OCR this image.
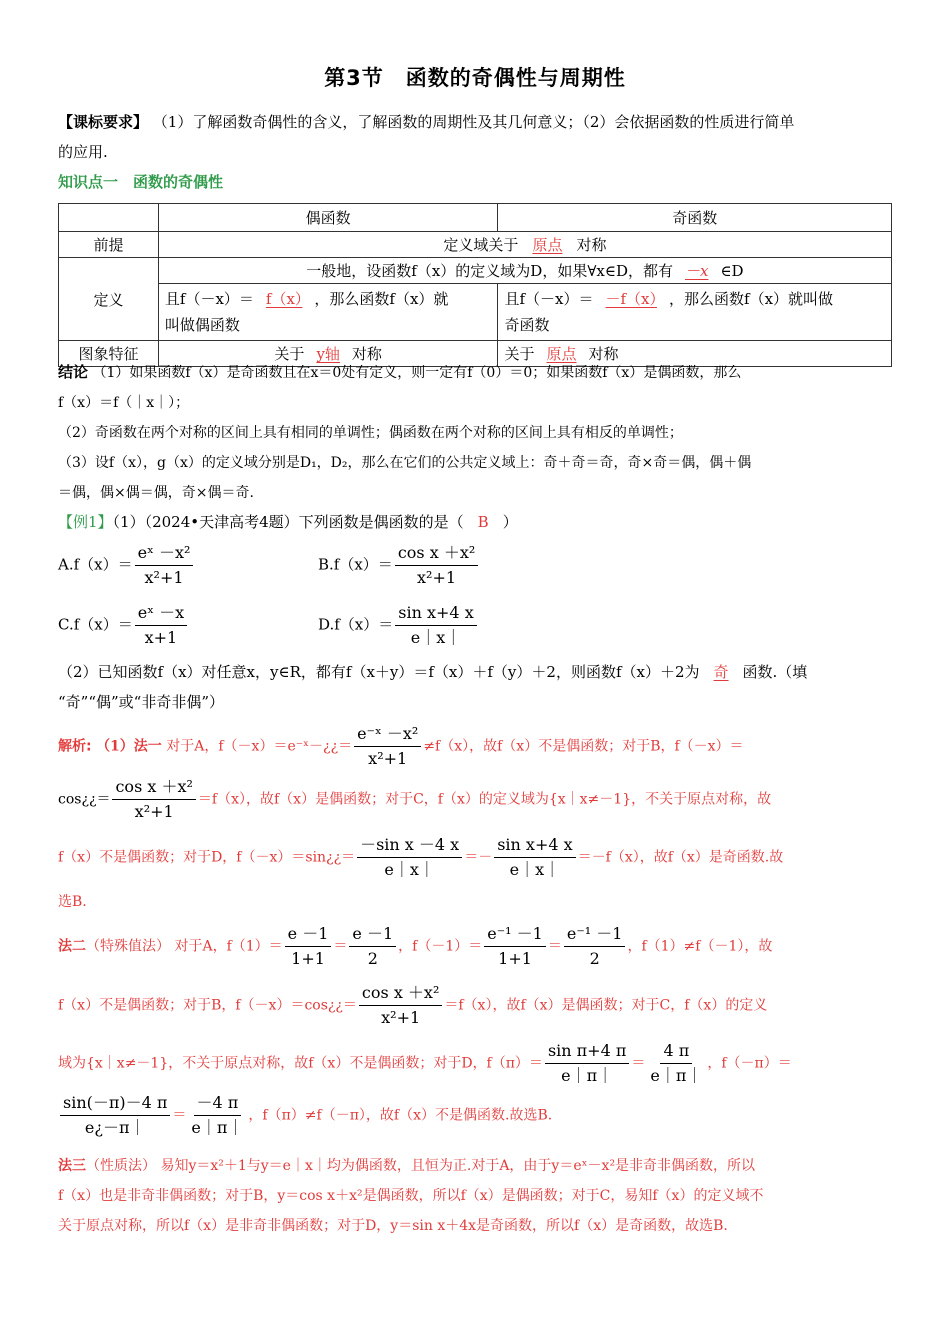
第3节　函数的奇偶性与周期性
【课标要求】 （1）了解函数奇偶性的含义，了解函数的周期性及其几何意义；（2）会依据函数的性质进行简单
的应用.
知识点一　函数的奇偶性
	偶函数	奇函数
前提	定义域关于 原点 对称	
定义	一般地，设函数f（x）的定义域为D，如果∀x∈D，都有 －x ∈D	
	且f（－x）＝ f（x） ，那么函数f（x）就
叫做偶函数	且f（－x）＝ －f（x） ，那么函数f（x）就叫做
奇函数
图象特征	关于 y轴 对称	关于 原点 对称
结论 （1）如果函数f（x）是奇函数且在x＝0处有定义，则一定有f（0）＝0；如果函数f（x）是偶函数，那么
f（x）＝f（｜x｜）；
（2）奇函数在两个对称的区间上具有相同的单调性；偶函数在两个对称的区间上具有相反的单调性；
（3）设f（x），g（x）的定义域分别是D₁，D₂，那么在它们的公共定义域上：奇＋奇＝奇，奇×奇＝偶，偶＋偶
＝偶，偶×偶＝偶，奇×偶＝奇.
【例1】（1）（2024•天津高考4题）下列函数是偶函数的是（ B ）
$A.f(x)= \frac{\text{eˣ －x²}}{\text{x²+1}}$	$B.f(x)= \frac{\text{cos x ＋x²}}{\text{x²+1}}$
$C.f(x)= \frac{\text{eˣ －x}}{x+1}$	$D.f(x)= \frac{\text{sin x+4 x}}{e|x|}$
（2）已知函数f（x）对任意x，y∈R，都有f（x＋y）＝f（x）＋f（y）＋2，则函数f（x）＋2为 奇 函数.（填
“奇”“偶”或“非奇非偶”）
解析: （1）法一 对于A，f（－x）＝e⁻ˣ－¿¿＝ $\frac{\text{e⁻ˣ －x²}}{\text{x²+1}} \ne f(x)$，故f（x）不是偶函数；对于B，f（－x）＝
cos¿¿＝ $\frac{\text{cos x ＋x²}}{\text{x²+1}} =f(x)$，故f（x）是偶函数；对于C，f（x）的定义域为{x｜x≠－1}，不关于原点对称，故
f（x）不是偶函数；对于D，f（－x）＝sin¿¿＝ $\frac{\text{－sin x －4 x}}{e|x|} =- \frac{\text{sin x+4 x}}{e|x|} =-f(x)$，故f（x）是奇函数.故
选B.
法二（特殊值法） 对于A，$f(1)= \frac{e -1}{1+1} = \frac{e -1}{2}$ ，$f(-1)= \frac{\text{e⁻¹ －1}}{1+1} = \frac{\text{e⁻¹ －1}}{2}$ ，f（1）≠f（－1），故
f（x）不是偶函数；对于B，f（－x）＝cos¿¿＝ $\frac{\text{cos x ＋x²}}{\text{x²+1}} =f(x)$，故f（x）是偶函数；对于C，f（x）的定义
域为{x｜x≠－1}，不关于原点对称，故f（x）不是偶函数；对于D，$f(\pi)= \frac{\text{sin π+4 π}}{e|\pi|} = \frac{4 \pi}{e|\pi|}$ ，f（－π）＝
$\frac{\sin(-\pi)-4 \pi}{e¿-\pi|} = \frac{-4 \pi}{e|\pi|}$ ，f（π）≠f（－π），故f（x）不是偶函数.故选B.
法三（性质法） 易知y＝x²＋1与y＝e｜x｜均为偶函数，且恒为正.对于A，由于y＝eˣ－x²是非奇非偶函数，所以
f（x）也是非奇非偶函数；对于B，y＝cos x＋x²是偶函数，所以f（x）是偶函数；对于C，易知f（x）的定义域不
关于原点对称，所以f（x）是非奇非偶函数；对于D，y＝sin x＋4x是奇函数，所以f（x）是奇函数，故选B.
